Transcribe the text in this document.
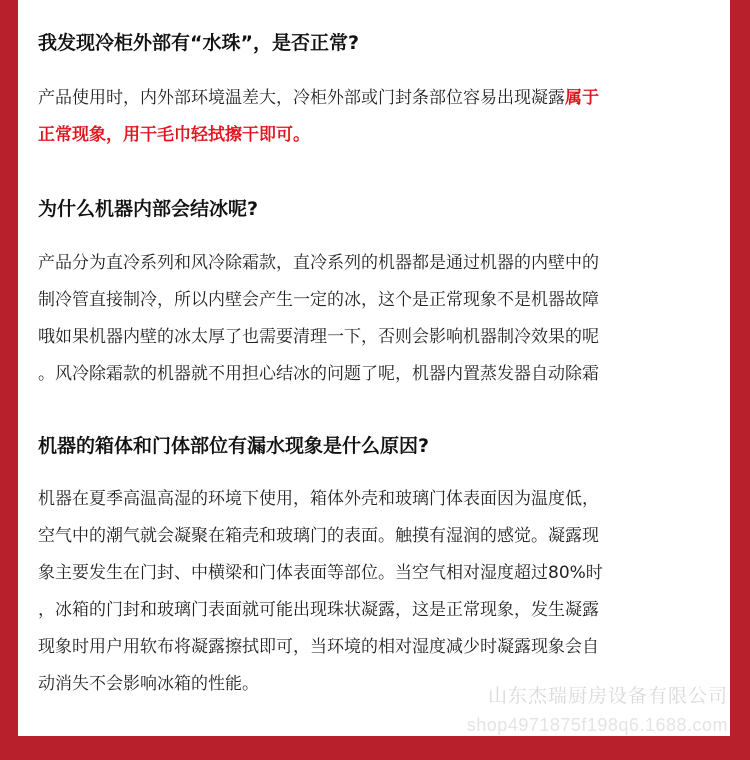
我发现冷柜外部有“水珠”，是否正常?
产品使用时，内外部环境温差大，冷柜外部或门封条部位容易出现凝露属于
正常现象，用干毛巾轻拭擦干即可。
为什么机器内部会结冰呢?
产品分为直冷系列和风冷除霜款，直冷系列的机器都是通过机器的内壁中的
制冷管直接制冷，所以内壁会产生一定的冰，这个是正常现象不是机器故障
哦如果机器内壁的冰太厚了也需要清理一下，否则会影响机器制冷效果的呢
。风冷除霜款的机器就不用担心结冰的问题了呢，机器内置蒸发器自动除霜
机器的箱体和门体部位有漏水现象是什么原因?
机器在夏季高温高湿的环境下使用，箱体外壳和玻璃门体表面因为温度低，
空气中的潮气就会凝聚在箱壳和玻璃门的表面。触摸有湿润的感觉。凝露现
象主要发生在门封、中横梁和门体表面等部位。当空气相对湿度超过80%时
，冰箱的门封和玻璃门表面就可能出现珠状凝露，这是正常现象，发生凝露
现象时用户用软布将凝露擦拭即可，当环境的相对湿度减少时凝露现象会自
动消失不会影响冰箱的性能。
山东杰瑞厨房设备有限公司
shop4971875f198q6.1688.com
